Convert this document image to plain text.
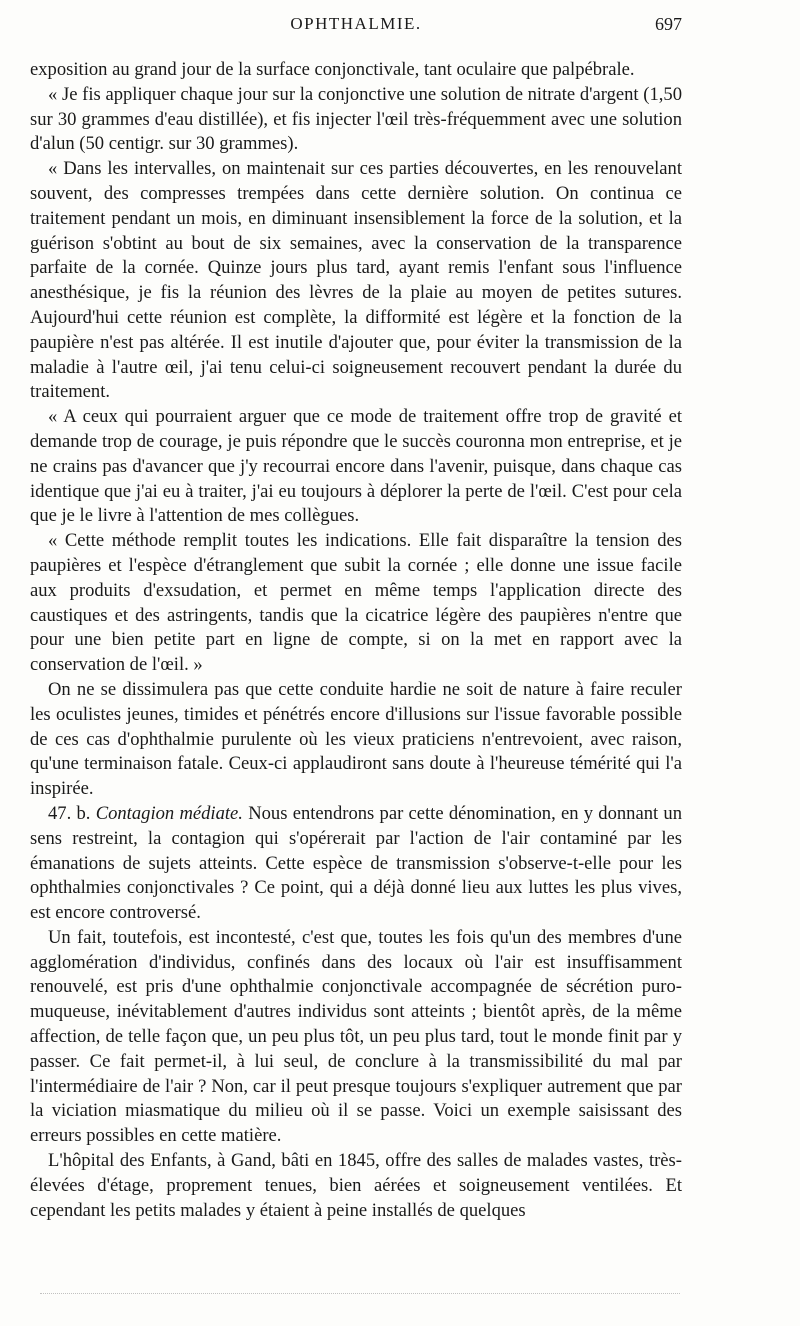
OPHTHALMIE.	697

exposition au grand jour de la surface conjonctivale, tant oculaire que palpébrale.

« Je fis appliquer chaque jour sur la conjonctive une solution de nitrate d'argent (1,50 sur 30 grammes d'eau distillée), et fis injecter l'œil très-fréquemment avec une solution d'alun (50 centigr. sur 30 grammes).

« Dans les intervalles, on maintenait sur ces parties découvertes, en les renouvelant souvent, des compresses trempées dans cette dernière solution. On continua ce traitement pendant un mois, en diminuant insensiblement la force de la solution, et la guérison s'obtint au bout de six semaines, avec la conservation de la transparence parfaite de la cornée. Quinze jours plus tard, ayant remis l'enfant sous l'influence anesthésique, je fis la réunion des lèvres de la plaie au moyen de petites sutures. Aujourd'hui cette réunion est complète, la difformité est légère et la fonction de la paupière n'est pas altérée. Il est inutile d'ajouter que, pour éviter la transmission de la maladie à l'autre œil, j'ai tenu celui-ci soigneusement recouvert pendant la durée du traitement.

« A ceux qui pourraient arguer que ce mode de traitement offre trop de gravité et demande trop de courage, je puis répondre que le succès couronna mon entreprise, et je ne crains pas d'avancer que j'y recourrai encore dans l'avenir, puisque, dans chaque cas identique que j'ai eu à traiter, j'ai eu toujours à déplorer la perte de l'œil. C'est pour cela que je le livre à l'attention de mes collègues.

« Cette méthode remplit toutes les indications. Elle fait disparaître la tension des paupières et l'espèce d'étranglement que subit la cornée ; elle donne une issue facile aux produits d'exsudation, et permet en même temps l'application directe des caustiques et des astringents, tandis que la cicatrice légère des paupières n'entre que pour une bien petite part en ligne de compte, si on la met en rapport avec la conservation de l'œil. »

On ne se dissimulera pas que cette conduite hardie ne soit de nature à faire reculer les oculistes jeunes, timides et pénétrés encore d'illusions sur l'issue favorable possible de ces cas d'ophthalmie purulente où les vieux praticiens n'entrevoient, avec raison, qu'une terminaison fatale. Ceux-ci applaudiront sans doute à l'heureuse témérité qui l'a inspirée.

47. b. Contagion médiate. Nous entendrons par cette dénomination, en y donnant un sens restreint, la contagion qui s'opérerait par l'action de l'air contaminé par les émanations de sujets atteints. Cette espèce de transmission s'observe-t-elle pour les ophthalmies conjonctivales ? Ce point, qui a déjà donné lieu aux luttes les plus vives, est encore controversé.

Un fait, toutefois, est incontesté, c'est que, toutes les fois qu'un des membres d'une agglomération d'individus, confinés dans des locaux où l'air est insuffisamment renouvelé, est pris d'une ophthalmie conjonctivale accompagnée de sécrétion puro-muqueuse, inévitablement d'autres individus sont atteints ; bientôt après, de la même affection, de telle façon que, un peu plus tôt, un peu plus tard, tout le monde finit par y passer. Ce fait permet-il, à lui seul, de conclure à la transmissibilité du mal par l'intermédiaire de l'air ? Non, car il peut presque toujours s'expliquer autrement que par la viciation miasmatique du milieu où il se passe. Voici un exemple saisissant des erreurs possibles en cette matière.

L'hôpital des Enfants, à Gand, bâti en 1845, offre des salles de malades vastes, très-élevées d'étage, proprement tenues, bien aérées et soigneusement ventilées. Et cependant les petits malades y étaient à peine installés de quelques
